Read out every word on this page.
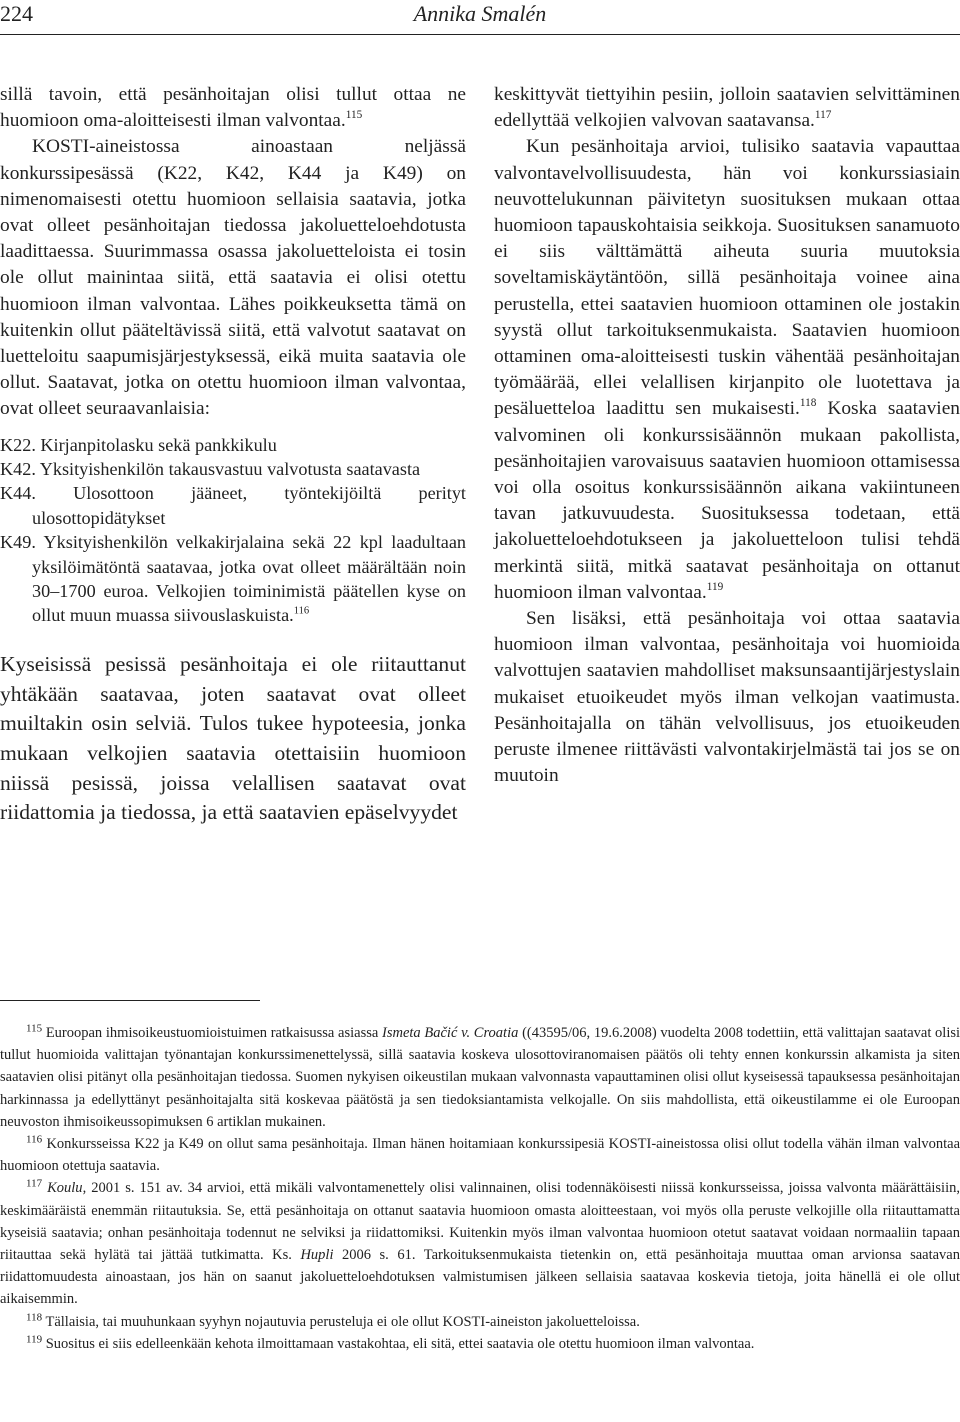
224	Annika Smalén

sillä tavoin, että pesänhoitajan olisi tullut ottaa ne huomioon oma-aloitteisesti ilman valvontaa.$^{115}$

KOSTI-aineistossa ainoastaan neljässä konkurssipesässä (K22, K42, K44 ja K49) on nimenomaisesti otettu huomioon sellaisia saatavia, jotka ovat olleet pesänhoitajan tiedossa jakoluetteloehdotusta laadittaessa. Suurimmassa osassa jakoluetteloista ei tosin ole ollut mainintaa siitä, että saatavia ei olisi otettu huomioon ilman valvontaa. Lähes poikkeuksetta tämä on kuitenkin ollut pääteltävissä siitä, että valvotut saatavat on luetteloitu saapumisjärjestyksessä, eikä muita saatavia ole ollut. Saatavat, jotka on otettu huomioon ilman valvontaa, ovat olleet seuraavanlaisia:

K22. Kirjanpitolasku sekä pankkikulu

K42. Yksityishenkilön takausvastuu valvotusta saatavasta

K44. Ulosottoon jääneet, työntekijöiltä perityt ulosottopidätykset

K49. Yksityishenkilön velkakirjalaina sekä 22 kpl laadultaan yksilöimätöntä saatavaa, jotka ovat olleet määrältään noin 30–1700 euroa. Velkojien toiminimistä päätellen kyse on ollut muun muassa siivouslaskuista.$^{116}$

Kyseisissä pesissä pesänhoitaja ei ole riitauttanut yhtäkään saatavaa, joten saatavat ovat olleet muiltakin osin selviä. Tulos tukee hypoteesia, jonka mukaan velkojien saatavia otettaisiin huomioon niissä pesissä, joissa velallisen saatavat ovat riidattomia ja tiedossa, ja että saatavien epäselvyydet

keskittyvät tiettyihin pesiin, jolloin saatavien selvittäminen edellyttää velkojien valvovan saatavansa.$^{117}$

Kun pesänhoitaja arvioi, tulisiko saatavia vapauttaa valvontavelvollisuudesta, hän voi konkurssiasiain neuvottelukunnan päivitetyn suosituksen mukaan ottaa huomioon tapauskohtaisia seikkoja. Suosituksen sanamuoto ei siis välttämättä aiheuta suuria muutoksia soveltamiskäytäntöön, sillä pesänhoitaja voinee aina perustella, ettei saatavien huomioon ottaminen ole jostakin syystä ollut tarkoituksenmukaista. Saatavien huomioon ottaminen oma-aloitteisesti tuskin vähentää pesänhoitajan työmäärää, ellei velallisen kirjanpito ole luotettava ja pesäluetteloa laadittu sen mukaisesti.$^{118}$ Koska saatavien valvominen oli konkurssisäännön mukaan pakollista, pesänhoitajien varovaisuus saatavien huomioon ottamisessa voi olla osoitus konkurssisäännön aikana vakiintuneen tavan jatkuvuudesta. Suosituksessa todetaan, että jakoluetteloehdotukseen ja jakoluetteloon tulisi tehdä merkintä siitä, mitkä saatavat pesänhoitaja on ottanut huomioon ilman valvontaa.$^{119}$

Sen lisäksi, että pesänhoitaja voi ottaa saatavia huomioon ilman valvontaa, pesänhoitaja voi huomioida valvottujen saatavien mahdolliset maksunsaantijärjestyslain mukaiset etuoikeudet myös ilman velkojan vaatimusta. Pesänhoitajalla on tähän velvollisuus, jos etuoikeuden peruste ilmenee riittävästi valvontakirjelmästä tai jos se on muutoin

$^{115}$ Euroopan ihmisoikeustuomioistuimen ratkaisussa asiassa Ismeta Bačić v. Croatia ((43595/06, 19.6.2008) vuodelta 2008 todettiin, että valittajan saatavat olisi tullut huomioida valittajan työnantajan konkurssimenettelyssä, sillä saatavia koskeva ulosottoviranomaisen päätös oli tehty ennen konkurssin alkamista ja siten saatavien olisi pitänyt olla pesänhoitajan tiedossa. Suomen nykyisen oikeustilan mukaan valvonnasta vapauttaminen olisi ollut kyseisessä tapauksessa pesänhoitajan harkinnassa ja edellyttänyt pesänhoitajalta sitä koskevaa päätöstä ja sen tiedoksiantamista velkojalle. On siis mahdollista, että oikeustilamme ei ole Euroopan neuvoston ihmisoikeussopimuksen 6 artiklan mukainen.

$^{116}$ Konkursseissa K22 ja K49 on ollut sama pesänhoitaja. Ilman hänen hoitamiaan konkurssipesiä KOSTI-aineistossa olisi ollut todella vähän ilman valvontaa huomioon otettuja saatavia.

$^{117}$ Koulu, 2001 s. 151 av. 34 arvioi, että mikäli valvontamenettely olisi valinnainen, olisi todennäköisesti niissä konkursseissa, joissa valvonta määrättäisiin, keskimääräistä enemmän riitautuksia. Se, että pesänhoitaja on ottanut saatavia huomioon omasta aloitteestaan, voi myös olla peruste velkojille olla riitauttamatta kyseisiä saatavia; onhan pesänhoitaja todennut ne selviksi ja riidattomiksi. Kuitenkin myös ilman valvontaa huomioon otetut saatavat voidaan normaaliin tapaan riitauttaa sekä hylätä tai jättää tutkimatta. Ks. Hupli 2006 s. 61. Tarkoituksenmukaista tietenkin on, että pesänhoitaja muuttaa oman arvionsa saatavan riidattomuudesta ainoastaan, jos hän on saanut jakoluetteloehdotuksen valmistumisen jälkeen sellaisia saatavaa koskevia tietoja, joita hänellä ei ole ollut aikaisemmin.

$^{118}$ Tällaisia, tai muuhunkaan syyhyn nojautuvia perusteluja ei ole ollut KOSTI-aineiston jakoluetteloissa.

$^{119}$ Suositus ei siis edelleenkään kehota ilmoittamaan vastakohtaa, eli sitä, ettei saatavia ole otettu huomioon ilman valvontaa.
